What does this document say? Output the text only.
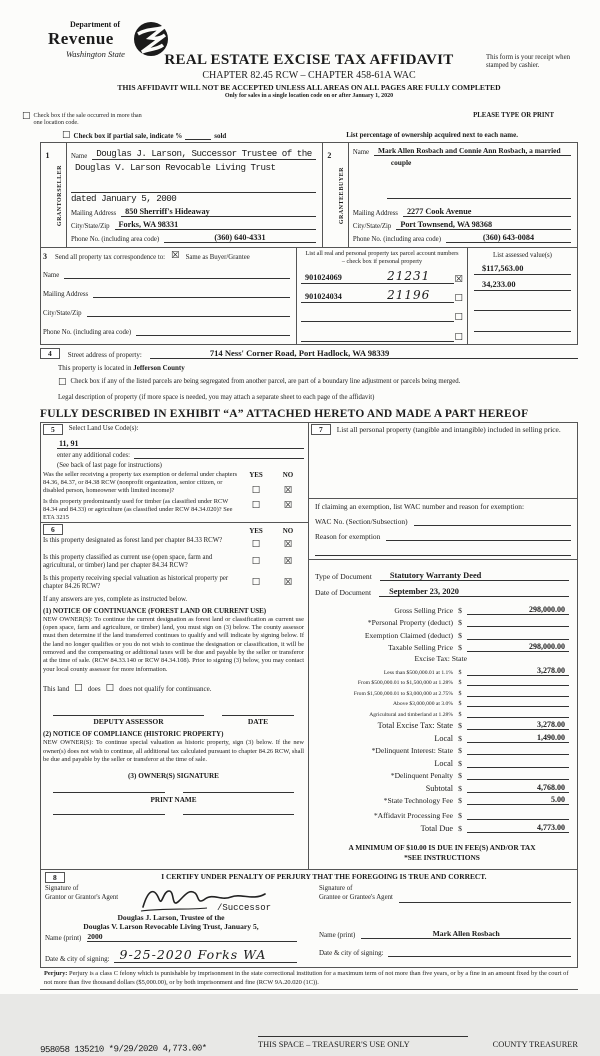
Department of
Revenue
Washington State	REAL ESTATE EXCISE TAX AFFIDAVIT
CHAPTER 82.45 RCW – CHAPTER 458-61A WAC
THIS AFFIDAVIT WILL NOT BE ACCEPTED UNLESS ALL AREAS ON ALL PAGES ARE FULLY COMPLETED
Only for sales in a single location code on or after January 1, 2020
This form is your receipt when stamped by cashier.
☐ Check box if the sale occurred in more than one location code.
PLEASE TYPE OR PRINT
☐ Check box if partial sale, indicate %	sold	List percentage of ownership acquired next to each name.
1
SELLER
GRANTOR
Name Douglas J. Larson, Successor Trustee of the
Douglas V. Larson Revocable Living Trust
dated January 5, 2000
Mailing Address	850 Sherriff's Hideaway
City/State/Zip	Forks, WA 98331
Phone No. (including area code)	(360) 640-4331
2
BUYER
GRANTEE
Name	Mark Allen Rosbach and Connie Ann Rosbach, a married
couple
Mailing Address	2277 Cook Avenue
City/State/Zip	Port Townsend, WA 98368
Phone No. (including area code)	(360) 643-0084
3 Send all property tax correspondence to: ☒ Same as Buyer/Grantee
Name
Mailing Address
City/State/Zip
Phone No. (including area code)
List all real and personal property tax parcel account numbers
– check box if personal property
901024069	21231	☒
901024034	21196	☐
☐
☐
List assessed value(s)
$117,563.00
34,233.00
4	Street address of property:	714 Ness' Corner Road, Port Hadlock, WA 98339
This property is located in Jefferson County
☐ Check box if any of the listed parcels are being segregated from another parcel, are part of a boundary line adjustment or parcels being merged.
Legal description of property (if more space is needed, you may attach a separate sheet to each page of the affidavit)
FULLY DESCRIBED IN EXHIBIT “A” ATTACHED HERETO AND MADE A PART HEREOF
5	Select Land Use Code(s):
11, 91
enter any additional codes:
(See back of last page for instructions)
Was the seller receiving a property tax exemption or deferral under chapters 84.36, 84.37, or 84.38 RCW (nonprofit organization, senior citizen, or disabled person, homeowner with limited income)?
YES	NO
☐	☒
Is this property predominantly used for timber (as classified under RCW 84.34 and 84.33) or agriculture (as classified under RCW 84.34.020)? See ETA 3215
☐	☒
6	YES	NO
Is this property designated as forest land per chapter 84.33 RCW?	☐	☒
Is this property classified as current use (open space, farm and agricultural, or timber) land per chapter 84.34 RCW?	☐	☒
Is this property receiving special valuation as historical property per chapter 84.26 RCW?	☐	☒
If any answers are yes, complete as instructed below.
(1) NOTICE OF CONTINUANCE (FOREST LAND OR CURRENT USE)
NEW OWNER(S): To continue the current designation as forest land or classification as current use (open space, farm and agriculture, or timber) land, you must sign on (3) below. The county assessor must then determine if the land transferred continues to qualify and will indicate by signing below. If the land no longer qualifies or you do not wish to continue the designation or classification, it will be removed and the compensating or additional taxes will be due and payable by the seller or transferor at the time of sale. (RCW 84.33.140 or RCW 84.34.108). Prior to signing (3) below, you may contact your local county assessor for more information.
This land ☐ does ☐ does not qualify for continuance.
DEPUTY ASSESSOR	DATE
(2) NOTICE OF COMPLIANCE (HISTORIC PROPERTY)
NEW OWNER(S): To continue special valuation as historic property, sign (3) below. If the new owner(s) does not wish to continue, all additional tax calculated pursuant to chapter 84.26 RCW, shall be due and payable by the seller or transferor at the time of sale.
(3) OWNER(S) SIGNATURE
PRINT NAME
7	List all personal property (tangible and intangible) included in selling price.
If claiming an exemption, list WAC number and reason for exemption:
WAC No. (Section/Subsection)
Reason for exemption
Type of Document	Statutory Warranty Deed
Date of Document	September 23, 2020
Gross Selling Price $	298,000.00
*Personal Property (deduct) $
Exemption Claimed (deduct) $
Taxable Selling Price $	298,000.00
Excise Tax: State
Less than $500,000.01 at 1.1% $	3,278.00
From $500,000.01 to $1,500,000 at 1.28% $
From $1,500,000.01 to $3,000,000 at 2.75% $
Above $3,000,000 at 3.0% $
Agricultural and timberland at 1.28% $
Total Excise Tax: State $	3,278.00
Local $	1,490.00
*Delinquent Interest: State $
Local $
*Delinquent Penalty $
Subtotal $	4,768.00
*State Technology Fee $	5.00
*Affidavit Processing Fee $
Total Due $	4,773.00
A MINIMUM OF $10.00 IS DUE IN FEE(S) AND/OR TAX
*SEE INSTRUCTIONS
8	I CERTIFY UNDER PENALTY OF PERJURY THAT THE FOREGOING IS TRUE AND CORRECT.
Signature of
Grantor or Grantor's Agent
/Successor
Douglas J. Larson, Trustee of the
Douglas V. Larson Revocable Living Trust, January 5,
Name (print) 2000
Date & city of signing: 9-25-2020 Forks WA
Signature of
Grantee or Grantee's Agent
Name (print)	Mark Allen Rosbach
Date & city of signing:
Perjury: Perjury is a class C felony which is punishable by imprisonment in the state correctional institution for a maximum term of not more than five years, or by a fine in an amount fixed by the court of not more than five thousand dollars ($5,000.00), or by both imprisonment and fine (RCW 9A.20.020 (1C)).
958058 135210 *9/29/2020 4,773.00*	THIS SPACE – TREASURER'S USE ONLY	COUNTY TREASURER
